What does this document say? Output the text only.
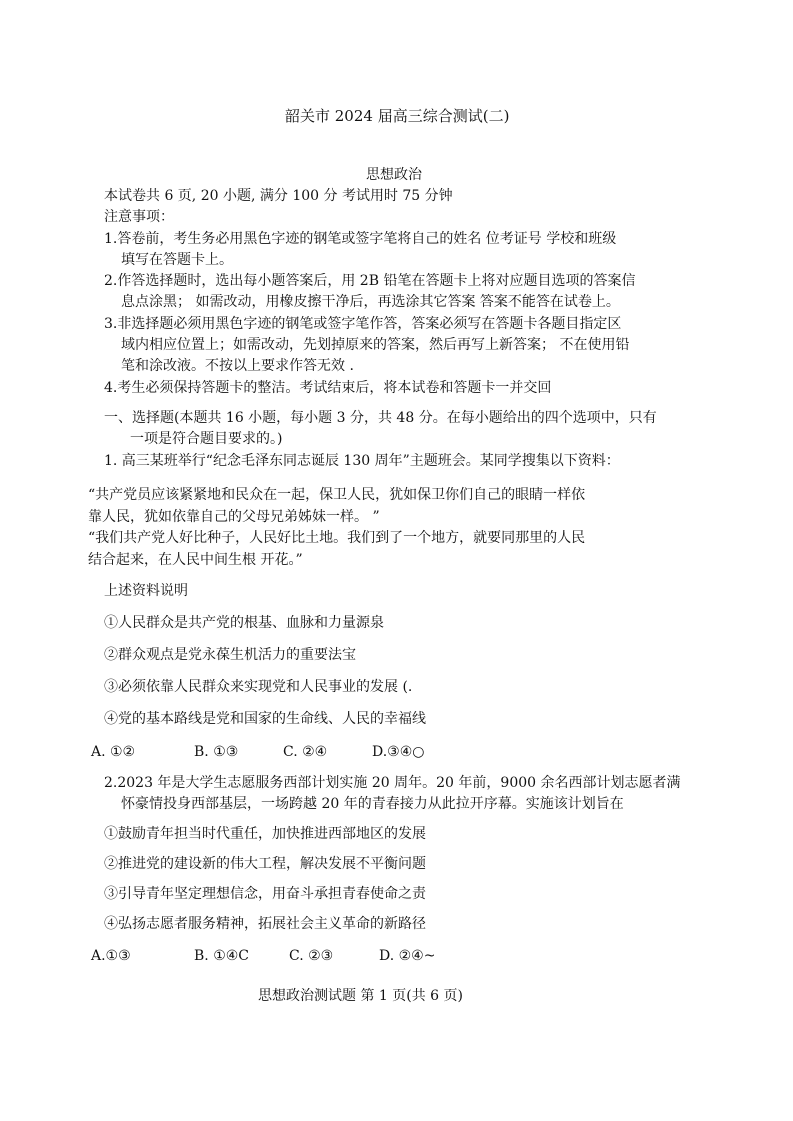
韶关市 2024 届高三综合测试(二)
思想政治
本试卷共 6 页, 20 小题, 满分 100 分 考试用时 75 分钟
注意事项：
1.答卷前，考生务必用黑色字迹的钢笔或签字笔将自己的姓名 位考证号 学校和班级
填写在答题卡上。
2.作答选择题时，选出每小题答案后，用 2B 铅笔在答题卡上将对应题目选项的答案信
息点涂黑； 如需改动，用橡皮擦干净后，再选涂其它答案 答案不能答在试卷上。
3.非选择题必须用黑色字迹的钢笔或签字笔作答，答案必须写在答题卡各题目指定区
域内相应位置上；如需改动，先划掉原来的答案，然后再写上新答案； 不在使用铅
笔和涂改液。不按以上要求作答无效 .
4.考生必须保持答题卡的整洁。考试结束后，将本试卷和答题卡一并交回
一、选择题(本题共 16 小题，每小题 3 分，共 48 分。在每小题给出的四个选项中，只有
一项是符合题目要求的。)
1. 高三某班举行“纪念毛泽东同志诞辰 130 周年”主题班会。某同学搜集以下资料：
“共产党员应该紧紧地和民众在一起，保卫人民，犹如保卫你们自己的眼睛一样依
靠人民，犹如依靠自己的父母兄弟姊妹一样。 ”
“我们共产党人好比种子，人民好比土地。我们到了一个地方，就要同那里的人民
结合起来，在人民中间生根 开花。”
上述资料说明
①人民群众是共产党的根基、血脉和力量源泉
②群众观点是党永葆生机活力的重要法宝
③必须依靠人民群众来实现党和人民事业的发展 (.
④党的基本路线是党和国家的生命线、人民的幸福线
A. ①②	B. ①③	C. ②④	D.③④○
2.2023 年是大学生志愿服务西部计划实施 20 周年。20 年前，9000 余名西部计划志愿者满
怀豪情投身西部基层，一场跨越 20 年的青春接力从此拉开序幕。实施该计划旨在
①鼓励青年担当时代重任，加快推进西部地区的发展
②推进党的建设新的伟大工程，解决发展不平衡问题
③引导青年坚定理想信念，用奋斗承担青春使命之责
④弘扬志愿者服务精神，拓展社会主义革命的新路径
A.①③	B. ①④C	C. ②③	D. ②④~
思想政治测试题 第 1 页(共 6 页)
